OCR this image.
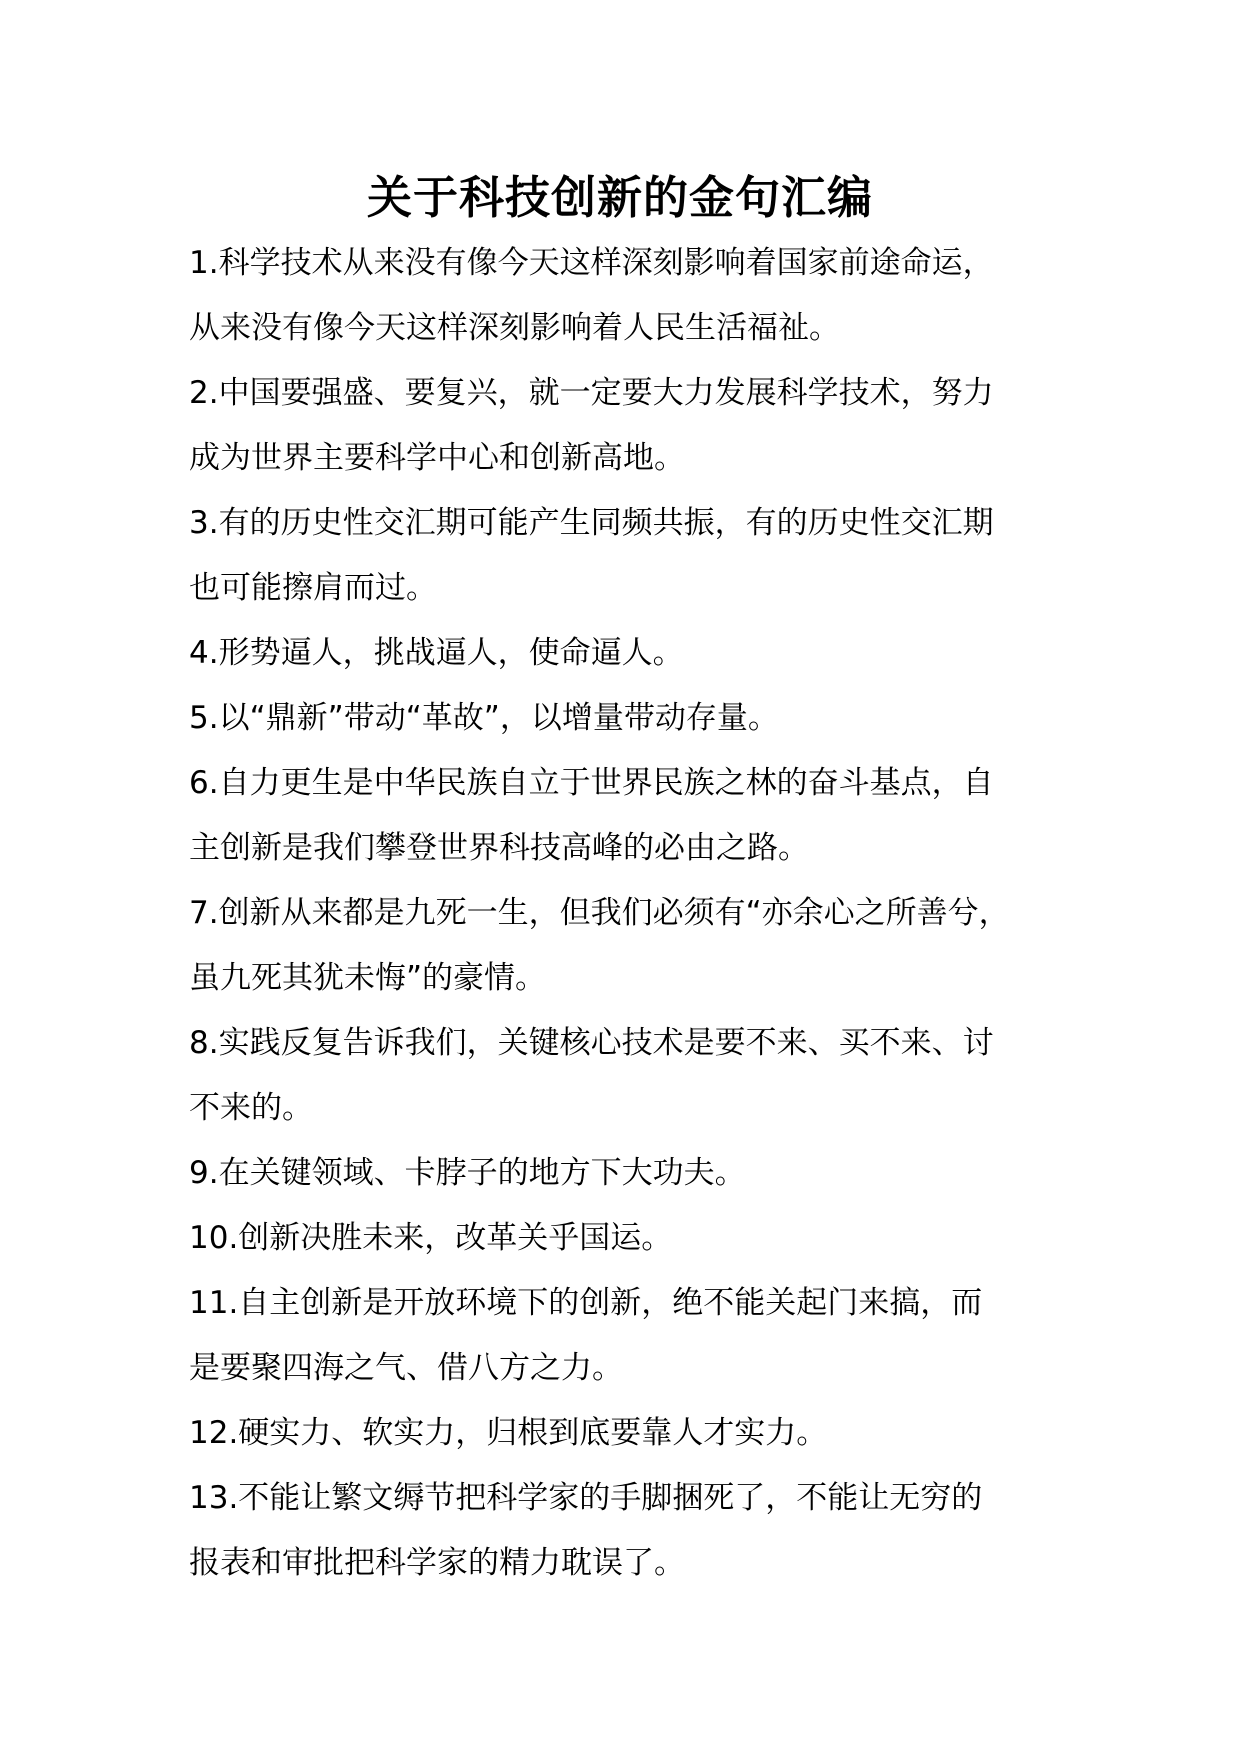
关于科技创新的金句汇编

1.科学技术从来没有像今天这样深刻影响着国家前途命运，

从来没有像今天这样深刻影响着人民生活福祉。

2.中国要强盛、要复兴，就一定要大力发展科学技术，努力

成为世界主要科学中心和创新高地。

3.有的历史性交汇期可能产生同频共振，有的历史性交汇期

也可能擦肩而过。

4.形势逼人，挑战逼人，使命逼人。

5.以“鼎新”带动“革故”，以增量带动存量。

6.自力更生是中华民族自立于世界民族之林的奋斗基点，自

主创新是我们攀登世界科技高峰的必由之路。

7.创新从来都是九死一生，但我们必须有“亦余心之所善兮，

虽九死其犹未悔”的豪情。

8.实践反复告诉我们，关键核心技术是要不来、买不来、讨

不来的。

9.在关键领域、卡脖子的地方下大功夫。

10.创新决胜未来，改革关乎国运。

11.自主创新是开放环境下的创新，绝不能关起门来搞，而

是要聚四海之气、借八方之力。

12.硬实力、软实力，归根到底要靠人才实力。

13.不能让繁文缛节把科学家的手脚捆死了，不能让无穷的

报表和审批把科学家的精力耽误了。
